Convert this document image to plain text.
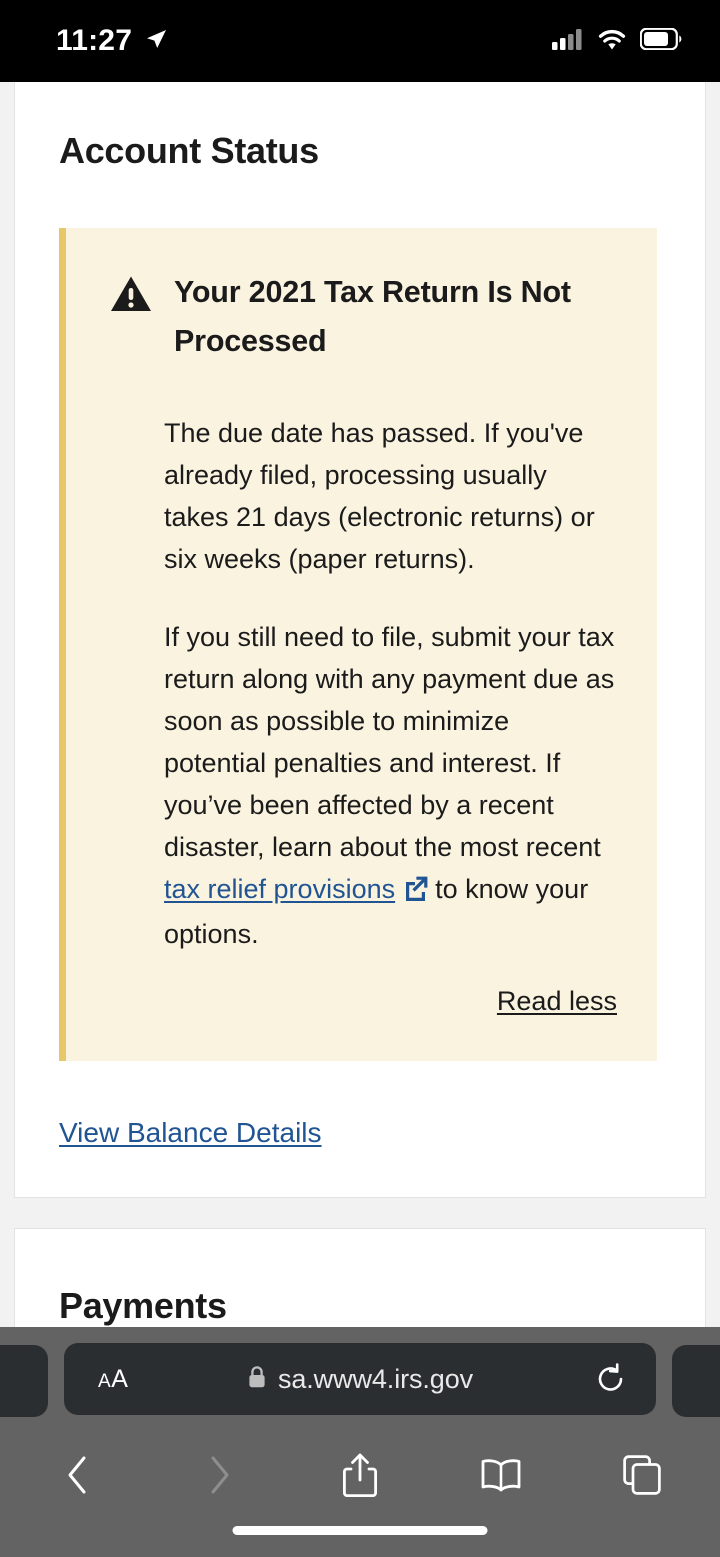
11:27
Account Status
Your 2021 Tax Return Is Not Processed

The due date has passed. If you've already filed, processing usually takes 21 days (electronic returns) or six weeks (paper returns).

If you still need to file, submit your tax return along with any payment due as soon as possible to minimize potential penalties and interest. If you’ve been affected by a recent disaster, learn about the most recent tax relief provisions to know your options.

Read less
View Balance Details
Payments
AA	sa.www4.irs.gov
